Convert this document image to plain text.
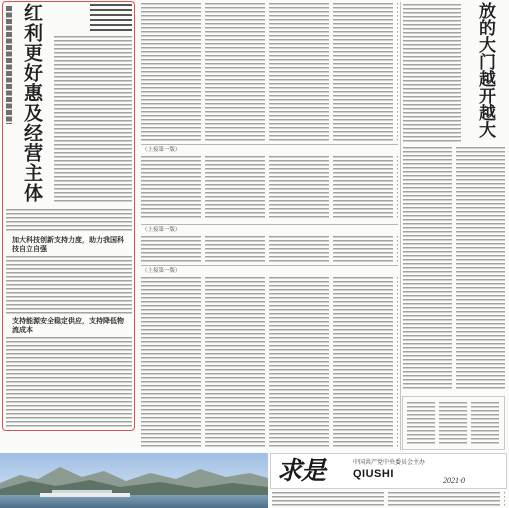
红利更好惠及经营主体

加大科技创新支持力度，助力我国科技自立自强

支持能源安全稳定供应，支持降低物流成本

（上接第一版）
（上接第一版）
（上接第一版）
放的大门越开越大
求是	中国共产党中央委员会主办
QIUSHI
2021·0
